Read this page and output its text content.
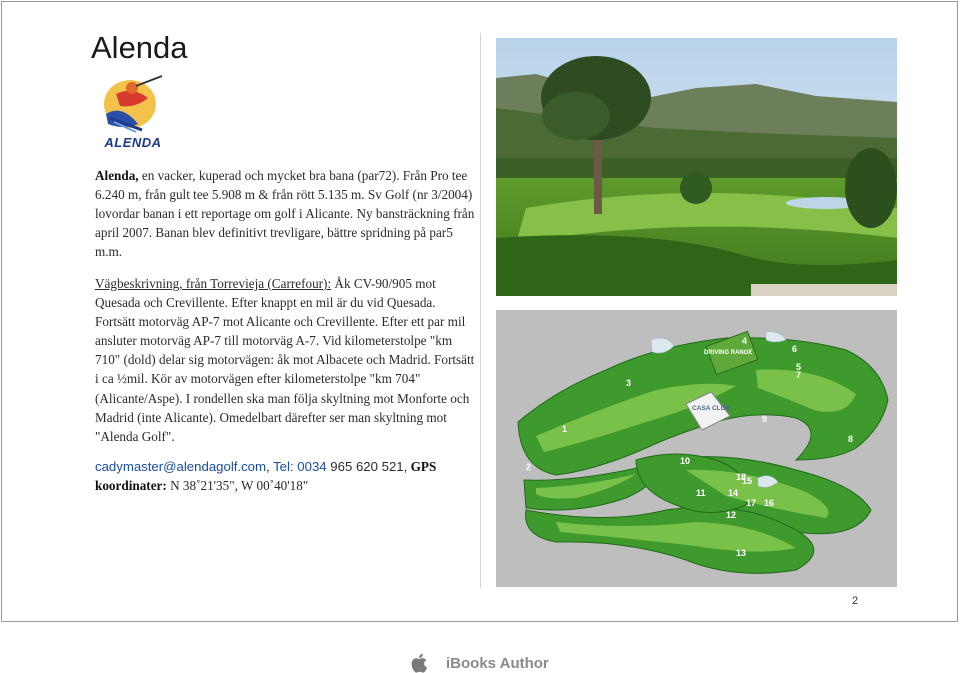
Alenda
ALENDA

Alenda, en vacker, kuperad och mycket bra bana (par72). Från Pro tee 6.240 m, från gult tee 5.908 m & från rött 5.135 m. Sv Golf (nr 3/2004) lovordar banan i ett reportage om golf i Alicante. Ny bansträckning från april 2007. Banan blev definitivt trevligare, bättre spridning på par5 m.m.

Vägbeskrivning, från Torrevieja (Carrefour): Åk CV-90/905 mot Quesada och Crevillente. Efter knappt en mil är du vid Quesada. Fortsätt motorväg AP-7 mot Alicante och Crevillente. Efter ett par mil ansluter motorväg AP-7 till motorväg A-7. Vid kilometerstolpe "km 710" (dold) delar sig motorvägen: åk mot Albacete och Madrid. Fortsätt i ca ½mil. Kör av motorvägen efter kilometerstolpe "km 704" (Alicante/Aspe). I rondellen ska man följa skyltning mot Monforte och Madrid (inte Alicante). Omedelbart därefter ser man skyltning mot "Alenda Golf".

cadymaster@alendagolf.com, Tel: 0034 965 620 521, GPS koordinater: N 38˚21'35", W 00˚40'18"

CASA CLUB
DRIVING RANGE
1
2
3
4
5
6
7
8
9
10
11
12
13
14
15
16
17
18
2
iBooks Author
